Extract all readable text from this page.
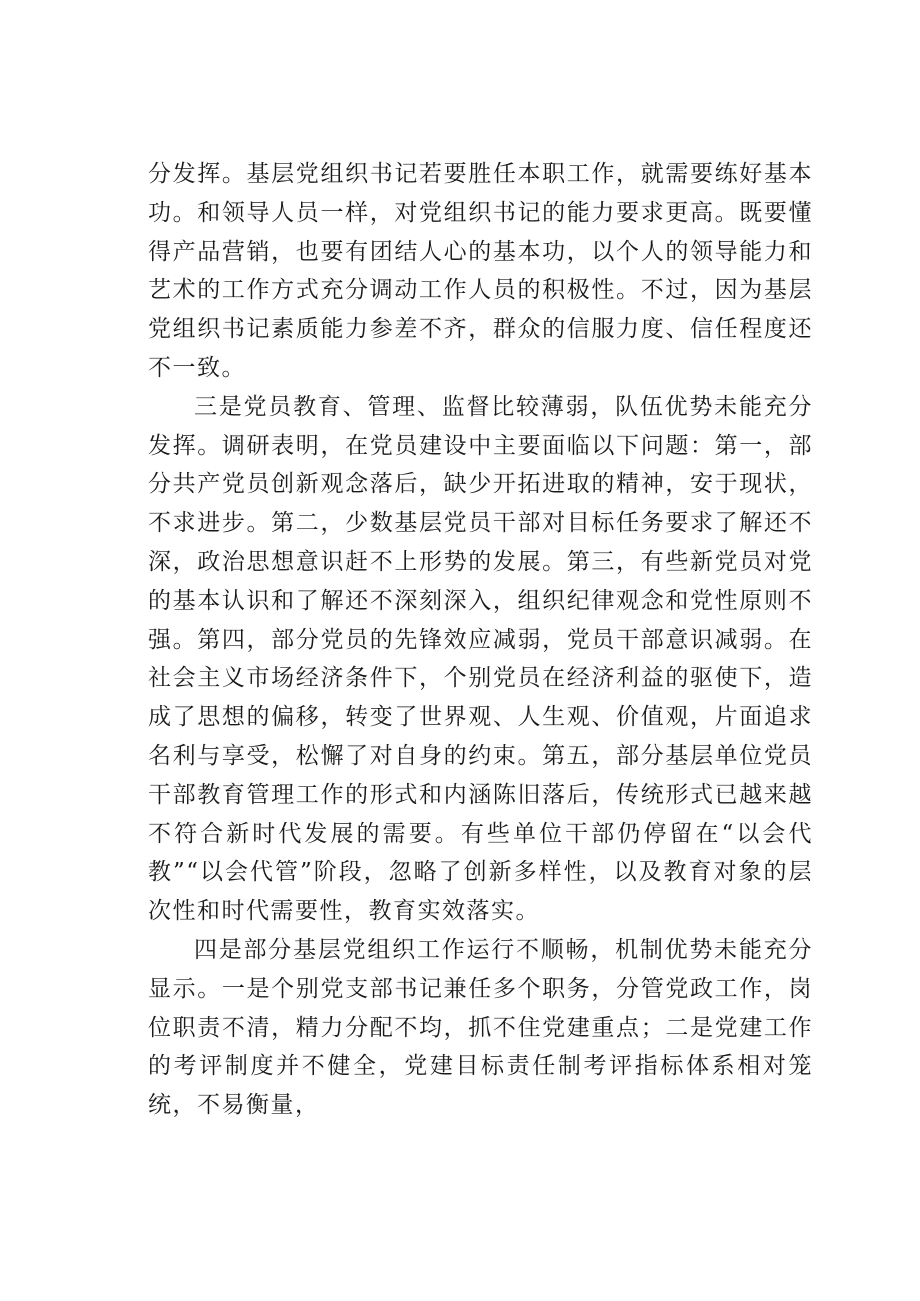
分发挥。基层党组织书记若要胜任本职工作，就需要练好基本功。和领导人员一样，对党组织书记的能力要求更高。既要懂得产品营销，也要有团结人心的基本功，以个人的领导能力和艺术的工作方式充分调动工作人员的积极性。不过，因为基层党组织书记素质能力参差不齐，群众的信服力度、信任程度还不一致。

三是党员教育、管理、监督比较薄弱，队伍优势未能充分发挥。调研表明，在党员建设中主要面临以下问题：第一，部分共产党员创新观念落后，缺少开拓进取的精神，安于现状，不求进步。第二，少数基层党员干部对目标任务要求了解还不深，政治思想意识赶不上形势的发展。第三，有些新党员对党的基本认识和了解还不深刻深入，组织纪律观念和党性原则不强。第四，部分党员的先锋效应减弱，党员干部意识减弱。在社会主义市场经济条件下，个别党员在经济利益的驱使下，造成了思想的偏移，转变了世界观、人生观、价值观，片面追求名利与享受，松懈了对自身的约束。第五，部分基层单位党员干部教育管理工作的形式和内涵陈旧落后，传统形式已越来越不符合新时代发展的需要。有些单位干部仍停留在“以会代教”“以会代管”阶段，忽略了创新多样性，以及教育对象的层次性和时代需要性，教育实效落实。

四是部分基层党组织工作运行不顺畅，机制优势未能充分显示。一是个别党支部书记兼任多个职务，分管党政工作，岗位职责不清，精力分配不均，抓不住党建重点；二是党建工作的考评制度并不健全，党建目标责任制考评指标体系相对笼统，不易衡量，
